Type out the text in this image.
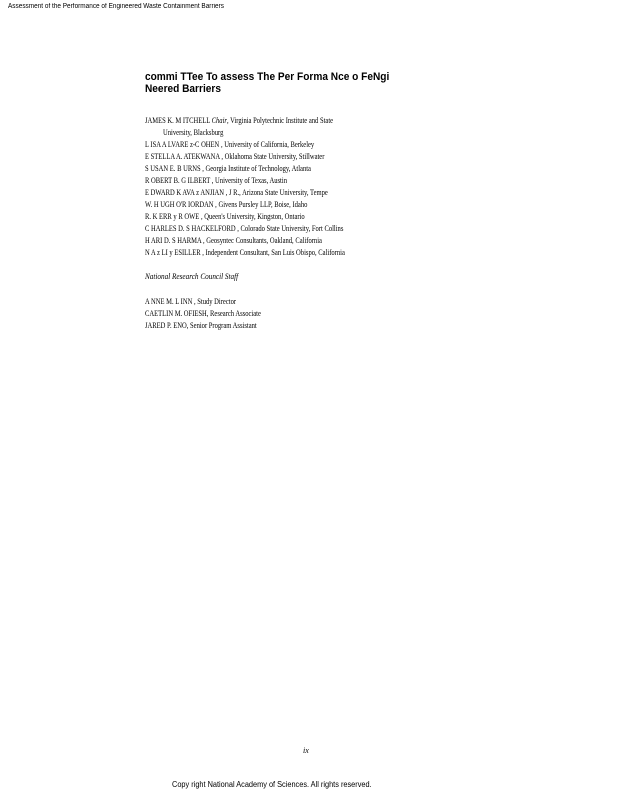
Assessment of the Performance of Engineered Waste Containment Barriers
commi TTee To assess The Per Forma Nce o FeNgi Neered Barriers
JAMES K. M ITCHELL Chair, Virginia Polytechnic Institute and State
University, Blacksburg
L ISA A LVARE z-C OHEN , University of California, Berkeley
E STELLA A. ATEKWANA , Oklahoma State University, Stillwater
S USAN E. B URNS , Georgia Institute of Technology, Atlanta
R OBERT B. G ILBERT , University of Texas, Austin
E DWARD K AVA z ANJIAN , J R., Arizona State University, Tempe
W. H UGH O'R IORDAN , Givens Pursley LLP, Boise, Idaho
R. K ERR y R OWE , Queen's University, Kingston, Ontario
C HARLES D. S HACKELFORD , Colorado State University, Fort Collins
H ARI D. S HARMA , Geosyntec Consultants, Oakland, California
N A z LI y ESILLER , Independent Consultant, San Luis Obispo, California
National Research Council Staff
A NNE M. L INN , Study Director
CAETLIN M. OFIESH, Research Associate
JARED P. ENO, Senior Program Assistant
ix
Copy right National Academy of Sciences. All rights reserved.
